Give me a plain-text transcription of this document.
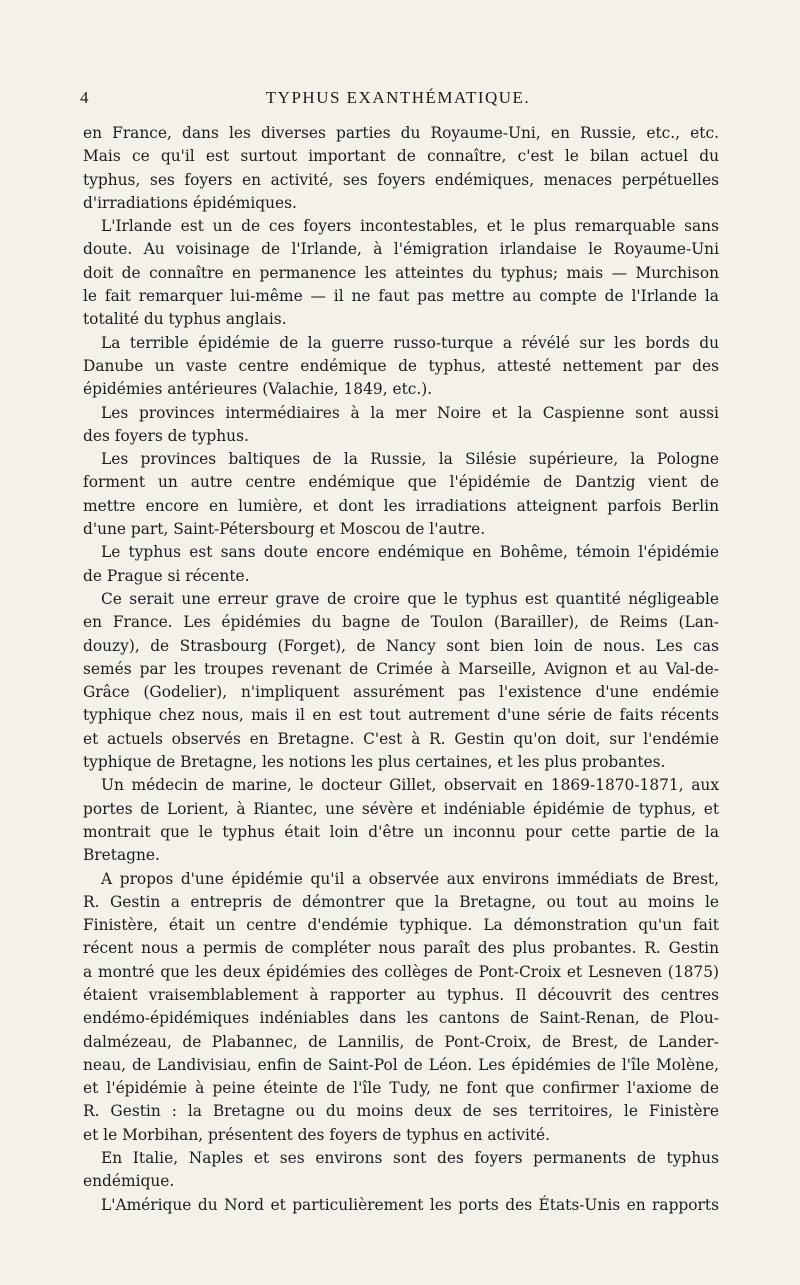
4	TYPHUS EXANTHÉMATIQUE.
en France, dans les diverses parties du Royaume-Uni, en Russie, etc., etc.
Mais ce qu'il est surtout important de connaître, c'est le bilan actuel du
typhus, ses foyers en activité, ses foyers endémiques, menaces perpétuelles
d'irradiations épidémiques.
L'Irlande est un de ces foyers incontestables, et le plus remarquable sans
doute. Au voisinage de l'Irlande, à l'émigration irlandaise le Royaume-Uni
doit de connaître en permanence les atteintes du typhus; mais — Murchison
le fait remarquer lui-même — il ne faut pas mettre au compte de l'Irlande la
totalité du typhus anglais.
La terrible épidémie de la guerre russo-turque a révélé sur les bords du
Danube un vaste centre endémique de typhus, attesté nettement par des
épidémies antérieures (Valachie, 1849, etc.).
Les provinces intermédiaires à la mer Noire et la Caspienne sont aussi
des foyers de typhus.
Les provinces baltiques de la Russie, la Silésie supérieure, la Pologne
forment un autre centre endémique que l'épidémie de Dantzig vient de
mettre encore en lumière, et dont les irradiations atteignent parfois Berlin
d'une part, Saint-Pétersbourg et Moscou de l'autre.
Le typhus est sans doute encore endémique en Bohême, témoin l'épidémie
de Prague si récente.
Ce serait une erreur grave de croire que le typhus est quantité négligeable
en France. Les épidémies du bagne de Toulon (Barailler), de Reims (Lan-
douzy), de Strasbourg (Forget), de Nancy sont bien loin de nous. Les cas
semés par les troupes revenant de Crimée à Marseille, Avignon et au Val-de-
Grâce (Godelier), n'impliquent assurément pas l'existence d'une endémie
typhique chez nous, mais il en est tout autrement d'une série de faits récents
et actuels observés en Bretagne. C'est à R. Gestin qu'on doit, sur l'endémie
typhique de Bretagne, les notions les plus certaines, et les plus probantes.
Un médecin de marine, le docteur Gillet, observait en 1869-1870-1871, aux
portes de Lorient, à Riantec, une sévère et indéniable épidémie de typhus, et
montrait que le typhus était loin d'être un inconnu pour cette partie de la
Bretagne.
A propos d'une épidémie qu'il a observée aux environs immédiats de Brest,
R. Gestin a entrepris de démontrer que la Bretagne, ou tout au moins le
Finistère, était un centre d'endémie typhique. La démonstration qu'un fait
récent nous a permis de compléter nous paraît des plus probantes. R. Gestin
a montré que les deux épidémies des collèges de Pont-Croix et Lesneven (1875)
étaient vraisemblablement à rapporter au typhus. Il découvrit des centres
endémo-épidémiques indéniables dans les cantons de Saint-Renan, de Plou-
dalmézeau, de Plabannec, de Lannilis, de Pont-Croix, de Brest, de Lander-
neau, de Landivisiau, enfin de Saint-Pol de Léon. Les épidémies de l'île Molène,
et l'épidémie à peine éteinte de l'île Tudy, ne font que confirmer l'axiome de
R. Gestin : la Bretagne ou du moins deux de ses territoires, le Finistère
et le Morbihan, présentent des foyers de typhus en activité.
En Italie, Naples et ses environs sont des foyers permanents de typhus
endémique.
L'Amérique du Nord et particulièrement les ports des États-Unis en rapports
